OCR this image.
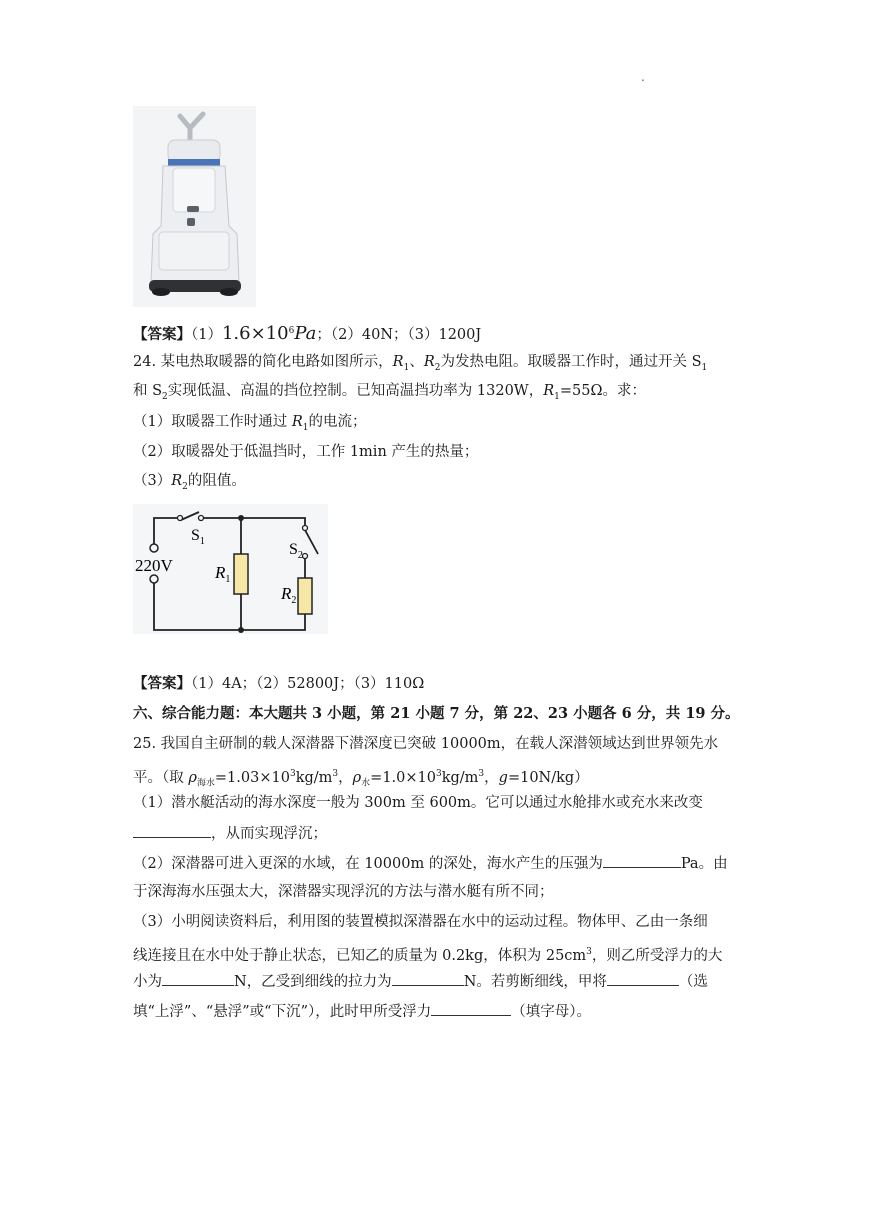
.
【答案】$(1)1.6\times 10^6Pa$；（2）40N；（3）1200J
24. 某电热取暖器的简化电路如图所示，$R_1$、$R_2$为发热电阻。取暖器工作时，通过开关 $S_1$
和 $S_2$实现低温、高温的挡位控制。已知高温挡功率为 1320W，$R_1=55\Omega$。求：
（1）取暖器工作时通过 $R_1$的电流；
（2）取暖器处于低温挡时，工作 1min 产生的热量；
$(3)R_2$的阻值。
$S_1$	$S_2$
220V $R_1$
$R_2$
【答案】（1）4A；（2）52800J；（3）110Ω
六、综合能力题：本大题共 3 小题，第 21 小题 7 分，第 22、23 小题各 6 分，共 19 分。
25. 我国自主研制的载人深潜器下潜深度已突破 10000m，在载人深潜领域达到世界领先水
平。（取 $\rho_{海水}=1.03\times 10^3kg/m^3$，$\rho_水=1.0\times 10^3kg/m^3$，g=10N/kg）
（1）潜水艇活动的海水深度一般为 300m 至 600m。它可以通过水舱排水或充水来改变
，从而实现浮沉；
（2）深潜器可进入更深的水域，在 10000m 的深处，海水产生的压强为	Pa。由
于深海海水压强太大，深潜器实现浮沉的方法与潜水艇有所不同；
（3）小明阅读资料后，利用图的装置模拟深潜器在水中的运动过程。物体甲、乙由一条细
线连接且在水中处于静止状态，已知乙的质量为 0.2kg，体积为 $25cm^3$，则乙所受浮力的大
小为	N，乙受到细线的拉力为	N。若剪断细线，甲将	（选
填“上浮”、“悬浮”或“下沉”），此时甲所受浮力	（填字母）。
